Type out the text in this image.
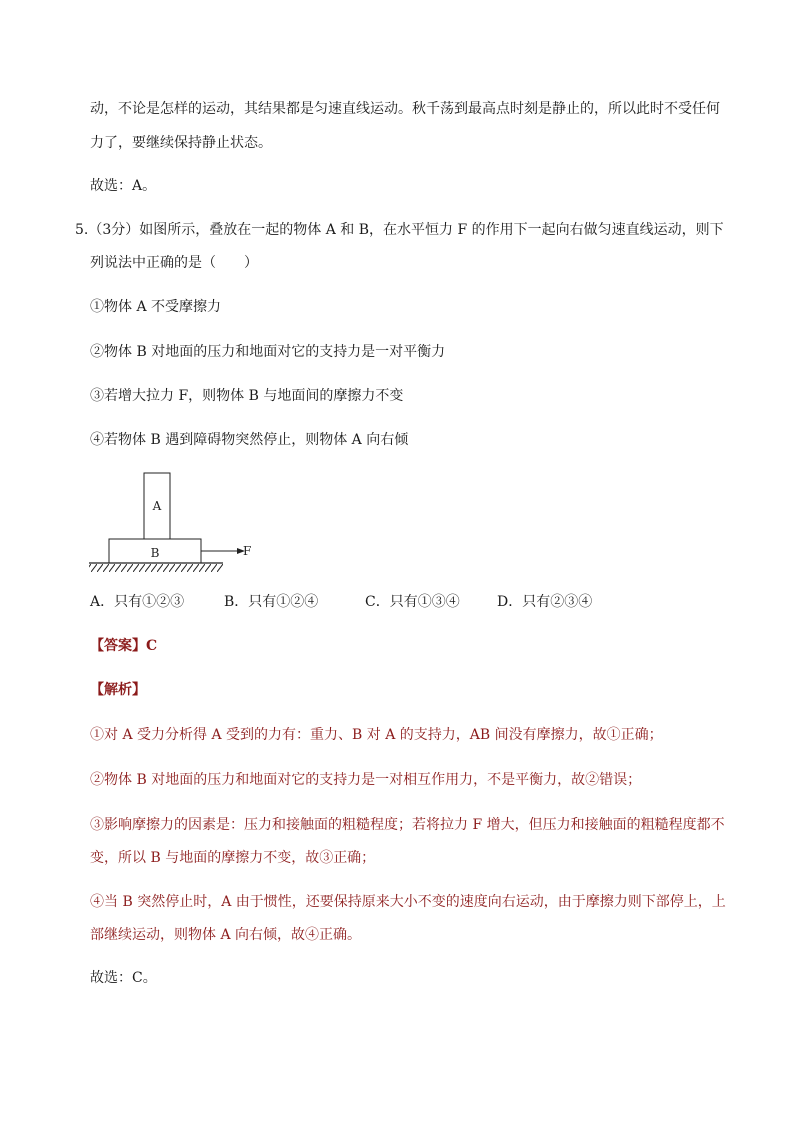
动，不论是怎样的运动，其结果都是匀速直线运动。秋千荡到最高点时刻是静止的，所以此时不受任何
力了，要继续保持静止状态。
故选：A。
5.（3分）如图所示，叠放在一起的物体 A 和 B，在水平恒力 F 的作用下一起向右做匀速直线运动，则下
列说法中正确的是（　　）
①物体 A 不受摩擦力
②物体 B 对地面的压力和地面对它的支持力是一对平衡力
③若增大拉力 F，则物体 B 与地面间的摩擦力不变
④若物体 B 遇到障碍物突然停止，则物体 A 向右倾
A
B	F
A．只有①②③	B．只有①②④	C．只有①③④	D．只有②③④
【答案】C
【解析】
①对 A 受力分析得 A 受到的力有：重力、B 对 A 的支持力，AB 间没有摩擦力，故①正确；
②物体 B 对地面的压力和地面对它的支持力是一对相互作用力，不是平衡力，故②错误；
③影响摩擦力的因素是：压力和接触面的粗糙程度；若将拉力 F 增大，但压力和接触面的粗糙程度都不
变，所以 B 与地面的摩擦力不变，故③正确；
④当 B 突然停止时，A 由于惯性，还要保持原来大小不变的速度向右运动，由于摩擦力则下部停上，上
部继续运动，则物体 A 向右倾，故④正确。
故选：C。
